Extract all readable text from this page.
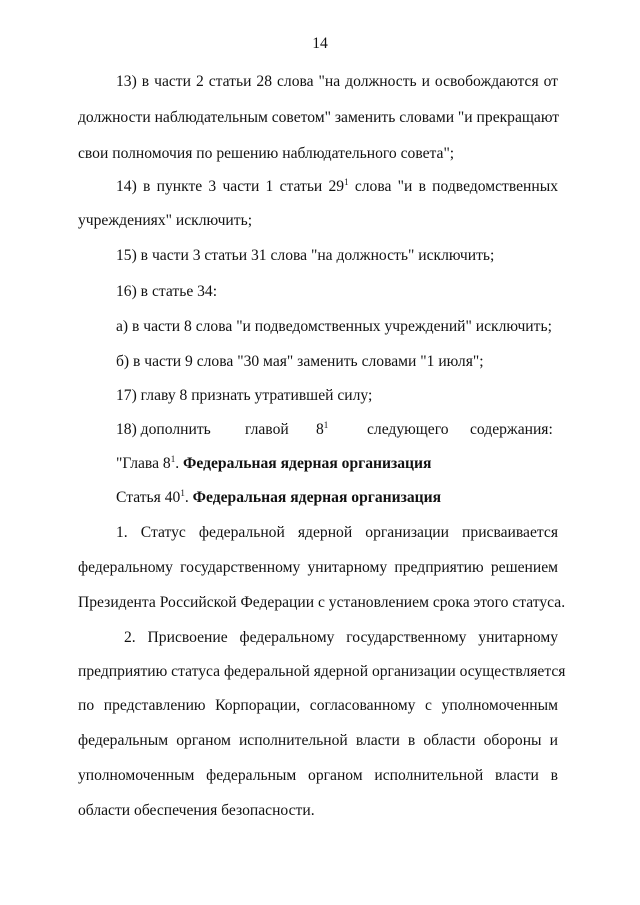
14
13) в части 2 статьи 28 слова "на должность и освобождаются от
должности наблюдательным советом" заменить словами "и прекращают
свои полномочия по решению наблюдательного совета";
14) в пункте 3 части 1 статьи $29^1$ слова "и в подведомственных
учреждениях" исключить;
15) в части 3 статьи 31 слова "на должность" исключить;
16) в статье 34:
а) в части 8 слова "и подведомственных учреждений" исключить;
б) в части 9 слова "30 мая" заменить словами "1 июля";
17) главу 8 признать утратившей силу;
18) дополнить	главой	$8^1$	следующего	содержания:
"Глава $8^1$. Федеральная ядерная организация
Статья $40^1$. Федеральная ядерная организация
1. Статус федеральной ядерной организации присваивается
федеральному государственному унитарному предприятию решением
Президента Российской Федерации с установлением срока этого статуса.
2. Присвоение федеральному государственному унитарному
предприятию статуса федеральной ядерной организации осуществляется
по представлению Корпорации, согласованному с уполномоченным
федеральным органом исполнительной власти в области обороны и
уполномоченным федеральным органом исполнительной власти в
области обеспечения безопасности.
